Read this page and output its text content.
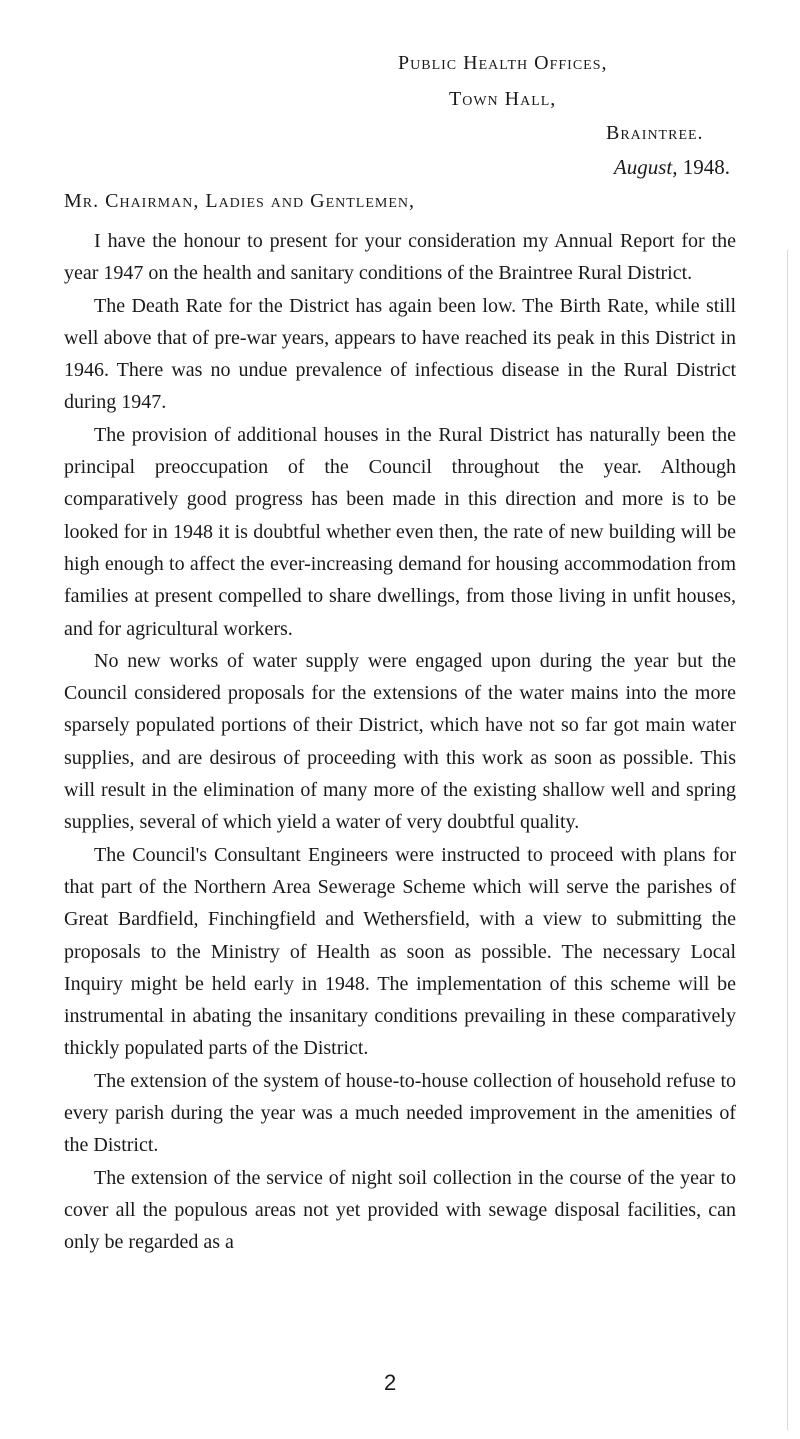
Public Health Offices,
Town Hall,
Braintree.
August, 1948.
Mr. Chairman, Ladies and Gentlemen,

I have the honour to present for your consideration my Annual Report for the year 1947 on the health and sanitary conditions of the Braintree Rural District.

The Death Rate for the District has again been low. The Birth Rate, while still well above that of pre-war years, appears to have reached its peak in this District in 1946. There was no undue prevalence of infectious disease in the Rural District during 1947.

The provision of additional houses in the Rural District has naturally been the principal preoccupation of the Council throughout the year. Although comparatively good progress has been made in this direction and more is to be looked for in 1948 it is doubtful whether even then, the rate of new building will be high enough to affect the ever-increasing demand for housing accommodation from families at present compelled to share dwellings, from those living in unfit houses, and for agricultural workers.

No new works of water supply were engaged upon during the year but the Council considered proposals for the extensions of the water mains into the more sparsely populated portions of their District, which have not so far got main water supplies, and are desirous of proceeding with this work as soon as possible. This will result in the elimination of many more of the existing shallow well and spring supplies, several of which yield a water of very doubtful quality.

The Council's Consultant Engineers were instructed to proceed with plans for that part of the Northern Area Sewerage Scheme which will serve the parishes of Great Bardfield, Finchingfield and Wethersfield, with a view to submitting the proposals to the Ministry of Health as soon as possible. The necessary Local Inquiry might be held early in 1948. The implementation of this scheme will be instrumental in abating the insanitary conditions prevailing in these comparatively thickly populated parts of the District.

The extension of the system of house-to-house collection of household refuse to every parish during the year was a much needed improvement in the amenities of the District.

The extension of the service of night soil collection in the course of the year to cover all the populous areas not yet provided with sewage disposal facilities, can only be regarded as a

2
